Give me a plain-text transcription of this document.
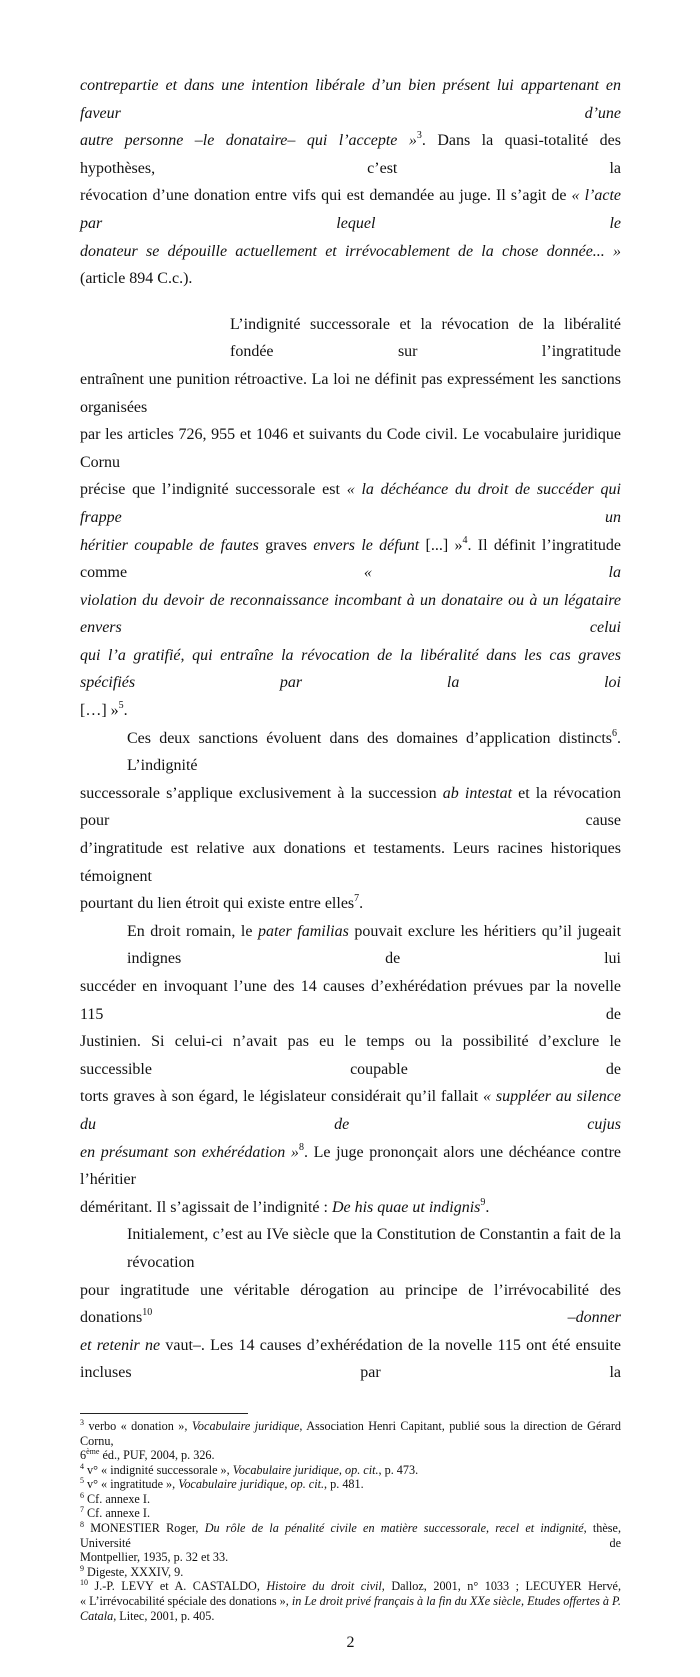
contrepartie et dans une intention libérale d’un bien présent lui appartenant en faveur d’une
autre personne –le donataire– qui l’accepte »$^3$. Dans la quasi-totalité des hypothèses, c’est la
révocation d’une donation entre vifs qui est demandée au juge. Il s’agit de « l’acte par lequel le
donateur se dépouille actuellement et irrévocablement de la chose donnée... » (article 894 C.c.).
L’indignité successorale et la révocation de la libéralité fondée sur l’ingratitude
entraînent une punition rétroactive. La loi ne définit pas expressément les sanctions organisées
par les articles 726, 955 et 1046 et suivants du Code civil. Le vocabulaire juridique Cornu
précise que l’indignité successorale est « la déchéance du droit de succéder qui frappe un
héritier coupable de fautes graves envers le défunt [...] »$^4$. Il définit l’ingratitude comme « la
violation du devoir de reconnaissance incombant à un donataire ou à un légataire envers celui
qui l’a gratifié, qui entraîne la révocation de la libéralité dans les cas graves spécifiés par la loi
[…] »$^5$.
Ces deux sanctions évoluent dans des domaines d’application distincts$^6$. L’indignité
successorale s’applique exclusivement à la succession ab intestat et la révocation pour cause
d’ingratitude est relative aux donations et testaments. Leurs racines historiques témoignent
pourtant du lien étroit qui existe entre elles$^7$.
En droit romain, le pater familias pouvait exclure les héritiers qu’il jugeait indignes de lui
succéder en invoquant l’une des 14 causes d’exhérédation prévues par la novelle 115 de
Justinien. Si celui-ci n’avait pas eu le temps ou la possibilité d’exclure le successible coupable de
torts graves à son égard, le législateur considérait qu’il fallait « suppléer au silence du de cujus
en présumant son exhérédation »$^8$. Le juge prononçait alors une déchéance contre l’héritier
déméritant. Il s’agissait de l’indignité : De his quae ut indignis$^9$.
Initialement, c’est au IVe siècle que la Constitution de Constantin a fait de la révocation
pour ingratitude une véritable dérogation au principe de l’irrévocabilité des donations$^{10}$	–donner
et retenir ne vaut–. Les 14 causes d’exhérédation de la novelle 115 ont été ensuite incluses par la
$^3$ verbo « donation », Vocabulaire juridique, Association Henri Capitant, publié sous la direction de Gérard Cornu,
6ème éd., PUF, 2004, p. 326.
$^4$ v° « indignité successorale », Vocabulaire juridique, op. cit., p. 473.
$^5$ v° « ingratitude », Vocabulaire juridique, op. cit., p. 481.
$^6$ Cf. annexe I.
$^7$ Cf. annexe I.
$^8$ MONESTIER Roger, Du rôle de la pénalité civile en matière successorale, recel et indignité, thèse, Université de
Montpellier, 1935, p. 32 et 33.
$^9$ Digeste, XXXIV, 9.
$^{10}$ J.-P. LEVY et A. CASTALDO, Histoire du droit civil, Dalloz, 2001, n° 1033 ; LECUYER Hervé,
« L’irrévocabilité spéciale des donations », in Le droit privé français à la fin du XXe siècle, Etudes offertes à P.
Catala, Litec, 2001, p. 405.
2
